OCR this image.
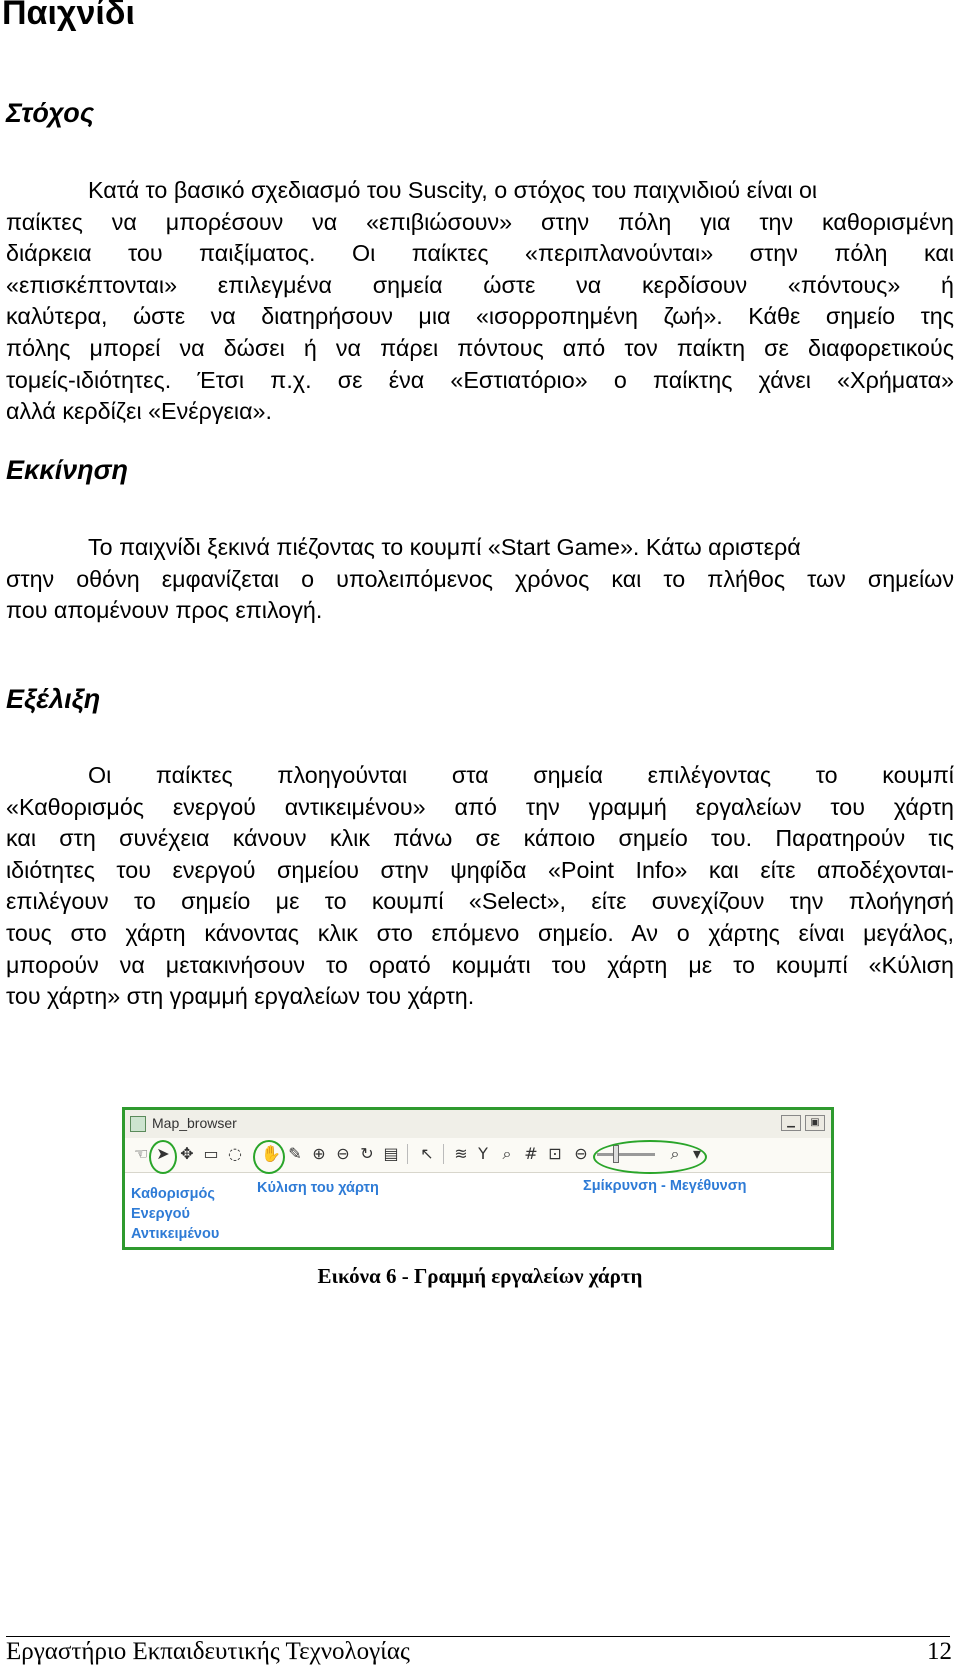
Παιχνίδι
Στόχος
Κατά το βασικό σχεδιασμό του Suscity, ο στόχος του παιχνιδιού είναι οι
παίκτες να μπορέσουν να «επιβιώσουν» στην πόλη για την καθορισμένη
διάρκεια του παιξίματος. Οι παίκτες «περιπλανούνται» στην πόλη και
«επισκέπτονται» επιλεγμένα σημεία ώστε να κερδίσουν «πόντους» ή
καλύτερα, ώστε να διατηρήσουν μια «ισορροπημένη ζωή». Κάθε σημείο της
πόλης μπορεί να δώσει ή να πάρει πόντους από τον παίκτη σε διαφορετικούς
τομείς-ιδιότητες. Έτσι π.χ. σε ένα «Εστιατόριο» ο παίκτης χάνει «Χρήματα»
αλλά κερδίζει «Ενέργεια».
Εκκίνηση
Το παιχνίδι ξεκινά πιέζοντας το κουμπί «Start Game». Κάτω αριστερά
στην οθόνη εμφανίζεται ο υπολειπόμενος χρόνος και το πλήθος των σημείων
που απομένουν προς επιλογή.
Εξέλιξη
Οι παίκτες πλοηγούνται στα σημεία επιλέγοντας το κουμπί
«Καθορισμός ενεργού αντικειμένου» από την γραμμή εργαλείων του χάρτη
και στη συνέχεια κάνουν κλικ πάνω σε κάποιο σημείο του. Παρατηρούν τις
ιδιότητες του ενεργού σημείου στην ψηφίδα «Point Info» και είτε αποδέχονται-
επιλέγουν το σημείο με το κουμπί «Select», είτε συνεχίζουν την πλοήγησή
τους στο χάρτη κάνοντας κλικ στο επόμενο σημείο. Αν ο χάρτης είναι μεγάλος,
μπορούν να μετακινήσουν το ορατό κομμάτι του χάρτη με το κουμπί «Κύλιση
του χάρτη» στη γραμμή εργαλείων του χάρτη.
Map_browser	▁	▣
☜ ➤ ✥ ▭ ◌	✋ ✎ ⊕ ⊖ ↻ ▤	↖	≋ Y ⌕ # ⊡ ⊖	⌕ ▾
Καθορισμός
Ενεργού
Αντικειμένου
Κύλιση του χάρτη	Σμίκρυνση - Μεγέθυνση
Εικόνα 6 - Γραμμή εργαλείων χάρτη
Εργαστήριο Εκπαιδευτικής Τεχνολογίας	12
